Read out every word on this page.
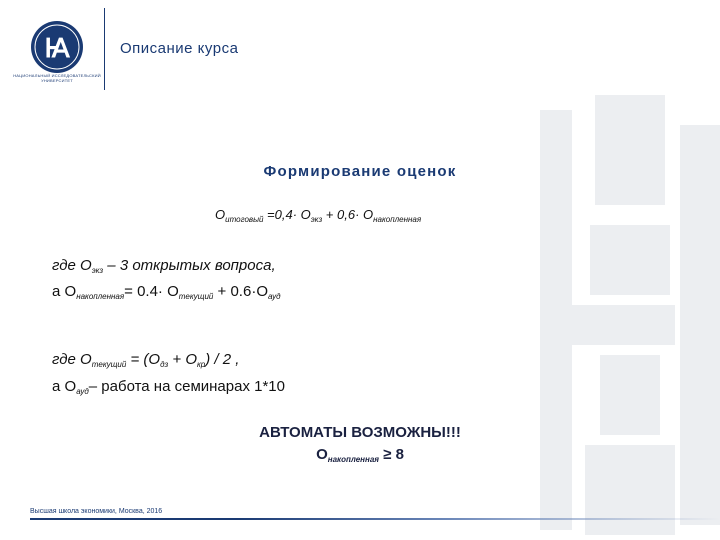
Ꙗ
НАЦИОНАЛЬНЫЙ ИССЛЕДОВАТЕЛЬСКИЙ УНИВЕРСИТЕТ
Описание курса
Формирование оценок
$О_{итоговый} =0,4\cdot О_{экз} + 0,6\cdot О_{накопленная}$
где $О_{экз} - 3$ открытых вопроса,
а $О_{накопленная}= 0.4\cdot О_{текущий} + 0.6\cdot О_{ауд}$
где $О_{текущий} = (О_{дз} + О_{кр}) / 2$ ,
а $О_{ауд}-$ работа на семинарах 1*10
АВТОМАТЫ ВОЗМОЖНЫ!!!
$О_{накопленная} \ge 8$
Высшая школа экономики, Москва, 2016
